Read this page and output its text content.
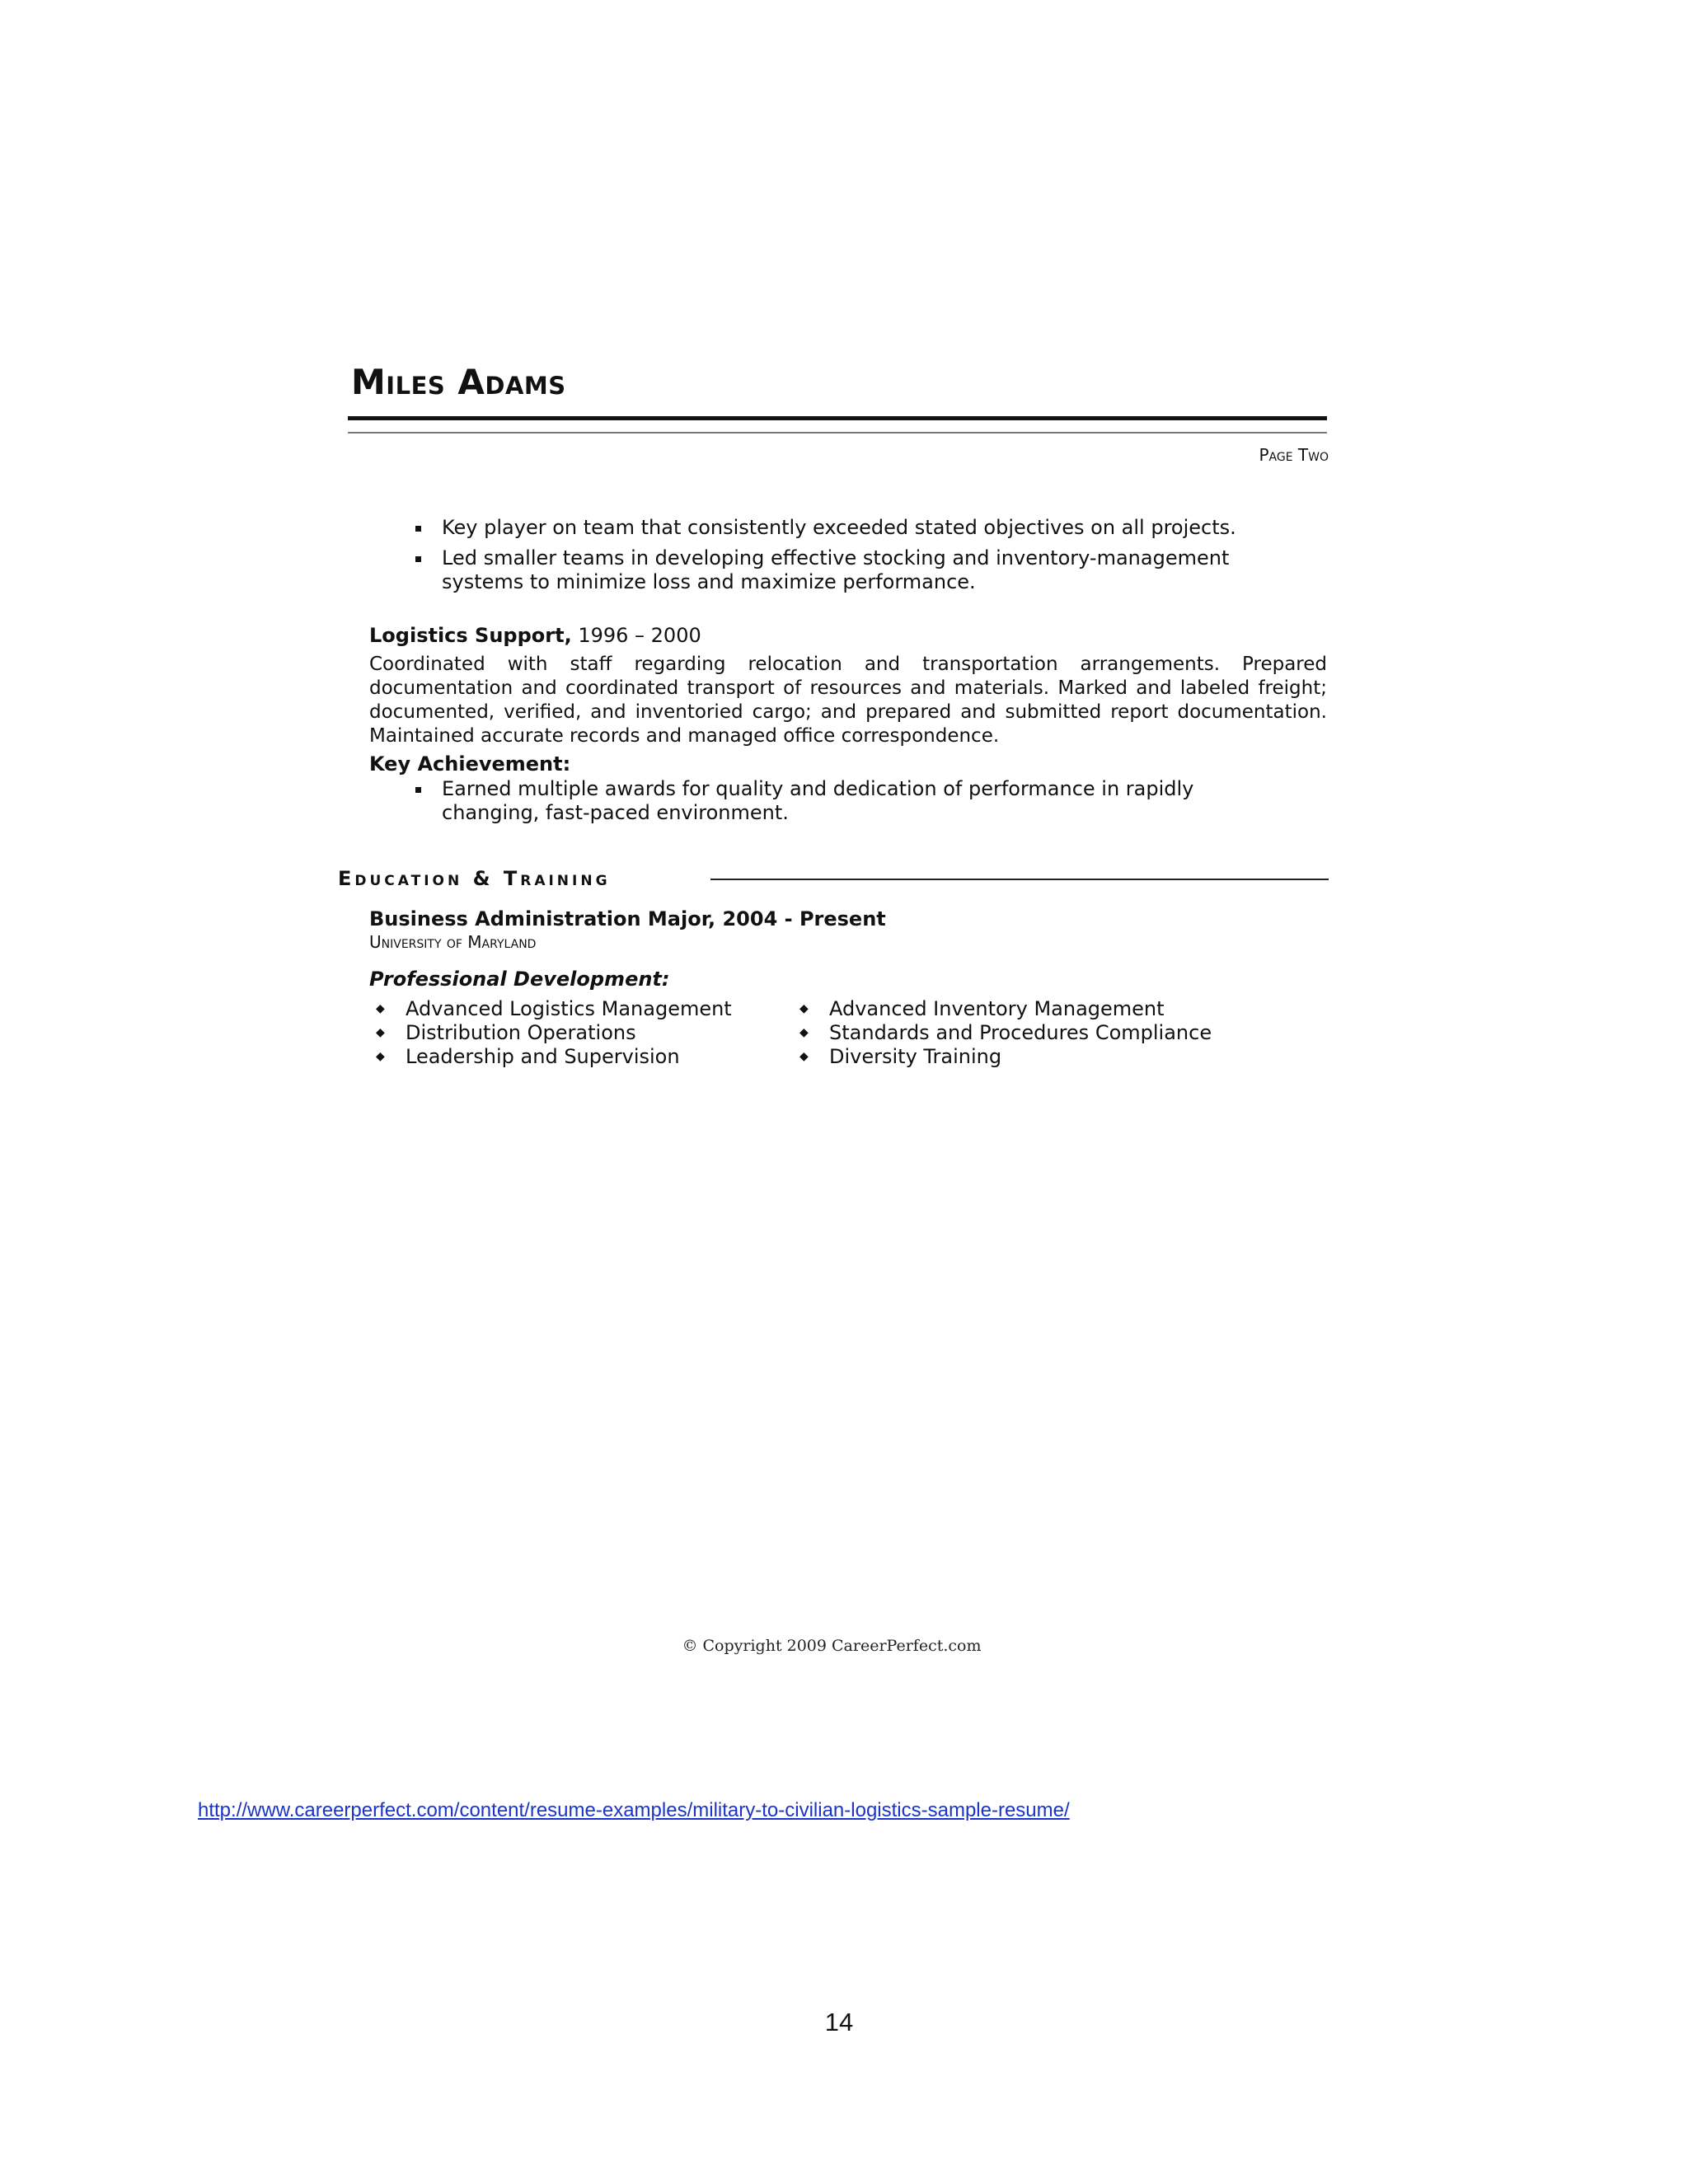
Miles Adams
Page Two
Key player on team that consistently exceeded stated objectives on all projects.
Led smaller teams in developing effective stocking and inventory-management
systems to minimize loss and maximize performance.
Logistics Support, 1996 – 2000
Coordinated with staff regarding relocation and transportation arrangements. Prepared documentation and coordinated transport of resources and materials. Marked and labeled freight; documented, verified, and inventoried cargo; and prepared and submitted report documentation. Maintained accurate records and managed office correspondence.
Key Achievement:
Earned multiple awards for quality and dedication of performance in rapidly
changing, fast-paced environment.
Education & Training
Business Administration Major, 2004 - Present
University of Maryland
Professional Development:
◆ Advanced Logistics Management
◆ Distribution Operations
◆ Leadership and Supervision
◆ Advanced Inventory Management
◆ Standards and Procedures Compliance
◆ Diversity Training
© Copyright 2009 CareerPerfect.com
http://www.careerperfect.com/content/resume-examples/military-to-civilian-logistics-sample-resume/
14
